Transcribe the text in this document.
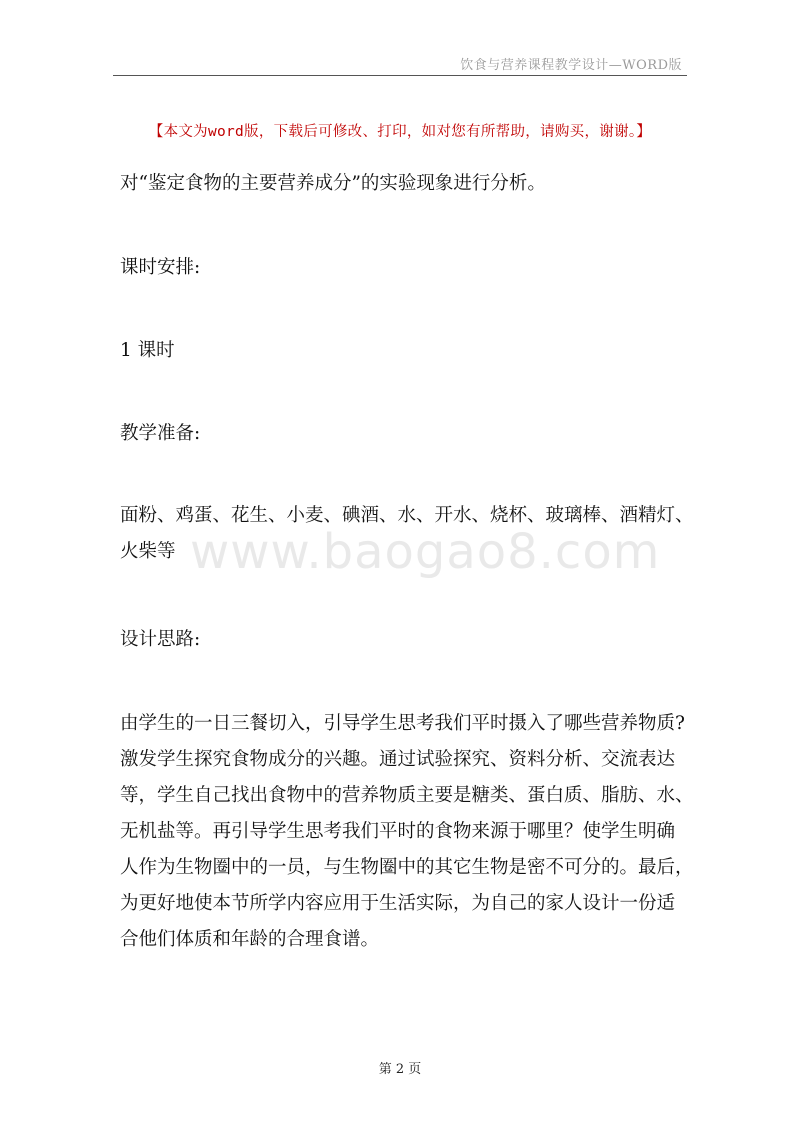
饮食与营养课程教学设计—WORD版
【本文为word版，下载后可修改、打印，如对您有所帮助，请购买，谢谢。】
对“鉴定食物的主要营养成分”的实验现象进行分析。
课时安排:
1 课时
教学准备:
面粉、鸡蛋、花生、小麦、碘酒、水、开水、烧杯、玻璃棒、酒精灯、
火柴等 www.baogao8.com
设计思路:
由学生的一日三餐切入，引导学生思考我们平时摄入了哪些营养物质?
激发学生探究食物成分的兴趣。通过试验探究、资料分析、交流表达
等，学生自己找出食物中的营养物质主要是糖类、蛋白质、脂肪、水、
无机盐等。再引导学生思考我们平时的食物来源于哪里？使学生明确
人作为生物圈中的一员，与生物圈中的其它生物是密不可分的。最后，
为更好地使本节所学内容应用于生活实际，为自己的家人设计一份适
合他们体质和年龄的合理食谱。
第 2 页
